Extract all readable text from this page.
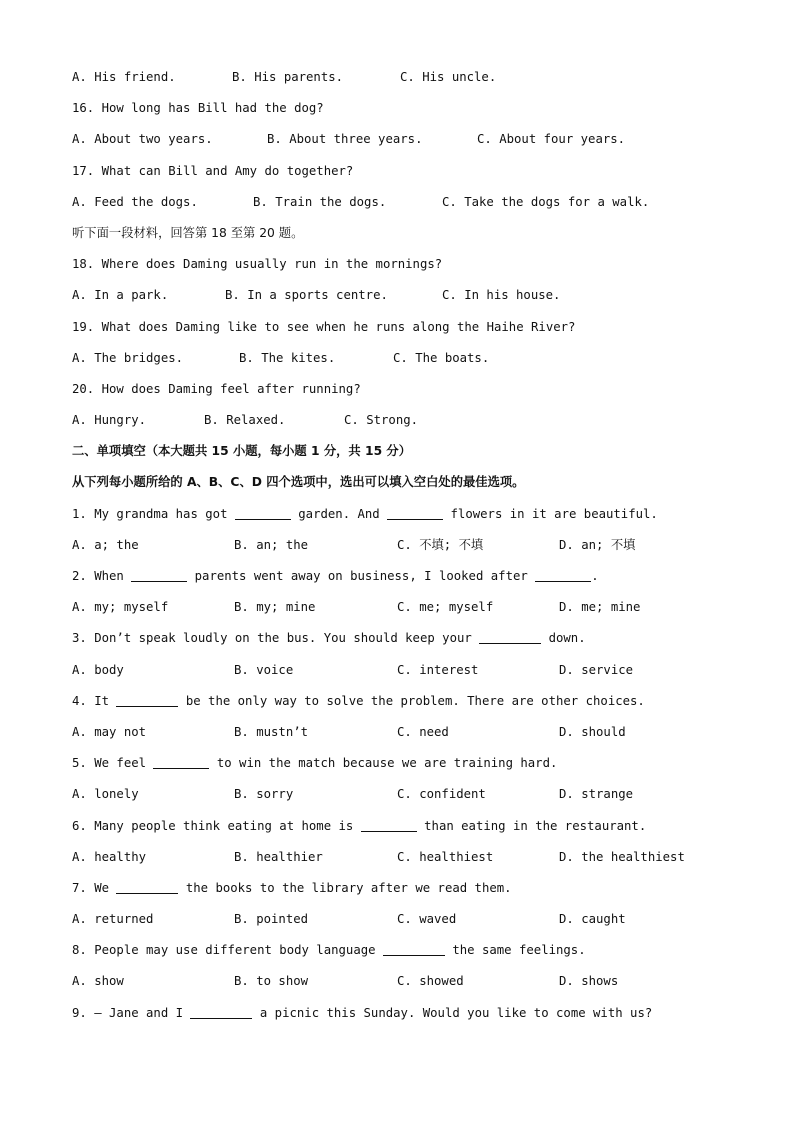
A. His friend.	B. His parents.	C. His uncle.
16. How long has Bill had the dog?
A. About two years.	B. About three years.	C. About four years.
17. What can Bill and Amy do together?
A. Feed the dogs.	B. Train the dogs.	C. Take the dogs for a walk.
听下面一段材料，回答第 18 至第 20 题。
18. Where does Daming usually run in the mornings?
A. In a park.	B. In a sports centre.	C. In his house.
19. What does Daming like to see when he runs along the Haihe River?
A. The bridges.	B. The kites.	C. The boats.
20. How does Daming feel after running?
A. Hungry.	B. Relaxed.	C. Strong.
二、单项填空（本大题共 15 小题，每小题 1 分，共 15 分）
从下列每小题所给的 A、B、C、D 四个选项中，选出可以填入空白处的最佳选项。
1. My grandma has got	garden. And	flowers in it are beautiful.
A. a; the	B. an; the	C. 不填; 不填	D. an; 不填
2. When	parents went away on business, I looked after	.
A. my; myself	B. my; mine	C. me; myself	D. me; mine
3. Don’t speak loudly on the bus. You should keep your	down.
A. body	B. voice	C. interest	D. service
4. It	be the only way to solve the problem. There are other choices.
A. may not	B. mustn’t	C. need	D. should
5. We feel	to win the match because we are training hard.
A. lonely	B. sorry	C. confident	D. strange
6. Many people think eating at home is	than eating in the restaurant.
A. healthy	B. healthier	C. healthiest	D. the healthiest
7. We	the books to the library after we read them.
A. returned	B. pointed	C. waved	D. caught
8. People may use different body language	the same feelings.
A. show	B. to show	C. showed	D. shows
9. — Jane and I	a picnic this Sunday. Would you like to come with us?
